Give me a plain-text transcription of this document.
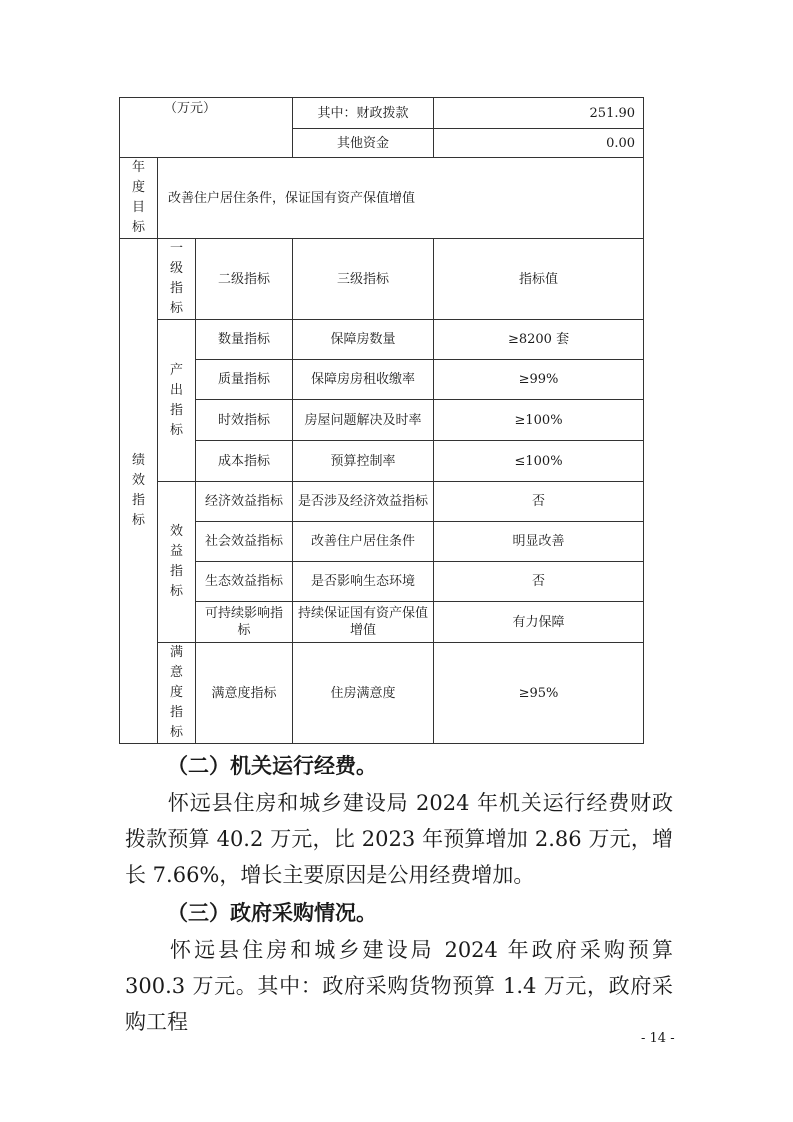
（万元）			其中：财政拨款	251.90
			其他资金	0.00
年度目标	改善住户居住条件，保证国有资产保值增值			
绩效指标	一级指标	二级指标	三级指标	指标值
	产出指标	数量指标	保障房数量	≥8200 套
		质量指标	保障房房租收缴率	≥99%
		时效指标	房屋问题解决及时率	≥100%
		成本指标	预算控制率	≤100%
	效益指标	经济效益指标	是否涉及经济效益指标	否
		社会效益指标	改善住户居住条件	明显改善
		生态效益指标	是否影响生态环境	否
		可持续影响指标	持续保证国有资产保值增值	有力保障
	满意度指标	满意度指标	住房满意度	≥95%

（二）机关运行经费。

怀远县住房和城乡建设局 2024 年机关运行经费财政拨款预算 40.2 万元，比 2023 年预算增加 2.86 万元，增长 7.66%，增长主要原因是公用经费增加。

（三）政府采购情况。

怀远县住房和城乡建设局 2024 年政府采购预算 300.3 万元。其中：政府采购货物预算 1.4 万元，政府采购工程

- 14 -
